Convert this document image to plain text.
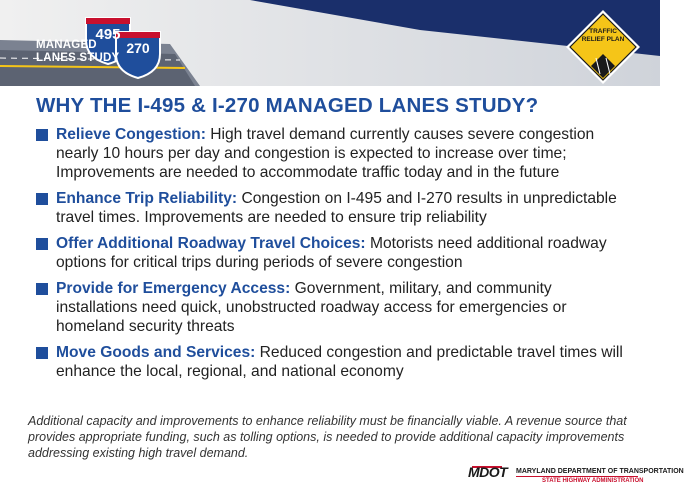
MANAGED
LANES STUDY
495
270
TRAFFIC
RELIEF PLAN
WHY THE I-495 & I-270 MANAGED LANES STUDY?
Relieve Congestion: High travel demand currently causes severe congestion nearly 10 hours per day and congestion is expected to increase over time; Improvements are needed to accommodate traffic today and in the future
Enhance Trip Reliability: Congestion on I-495 and I-270 results in unpredictable travel times. Improvements are needed to ensure trip reliability
Offer Additional Roadway Travel Choices: Motorists need additional roadway options for critical trips during periods of severe congestion
Provide for Emergency Access: Government, military, and community installations need quick, unobstructed roadway access for emergencies or homeland security threats
Move Goods and Services: Reduced congestion and predictable travel times will enhance the local, regional, and national economy
Additional capacity and improvements to enhance reliability must be financially viable. A revenue source that provides appropriate funding, such as tolling options, is needed to provide additional capacity improvements addressing existing high travel demand.
MDOT MARYLAND DEPARTMENT OF TRANSPORTATION
STATE HIGHWAY ADMINISTRATION
